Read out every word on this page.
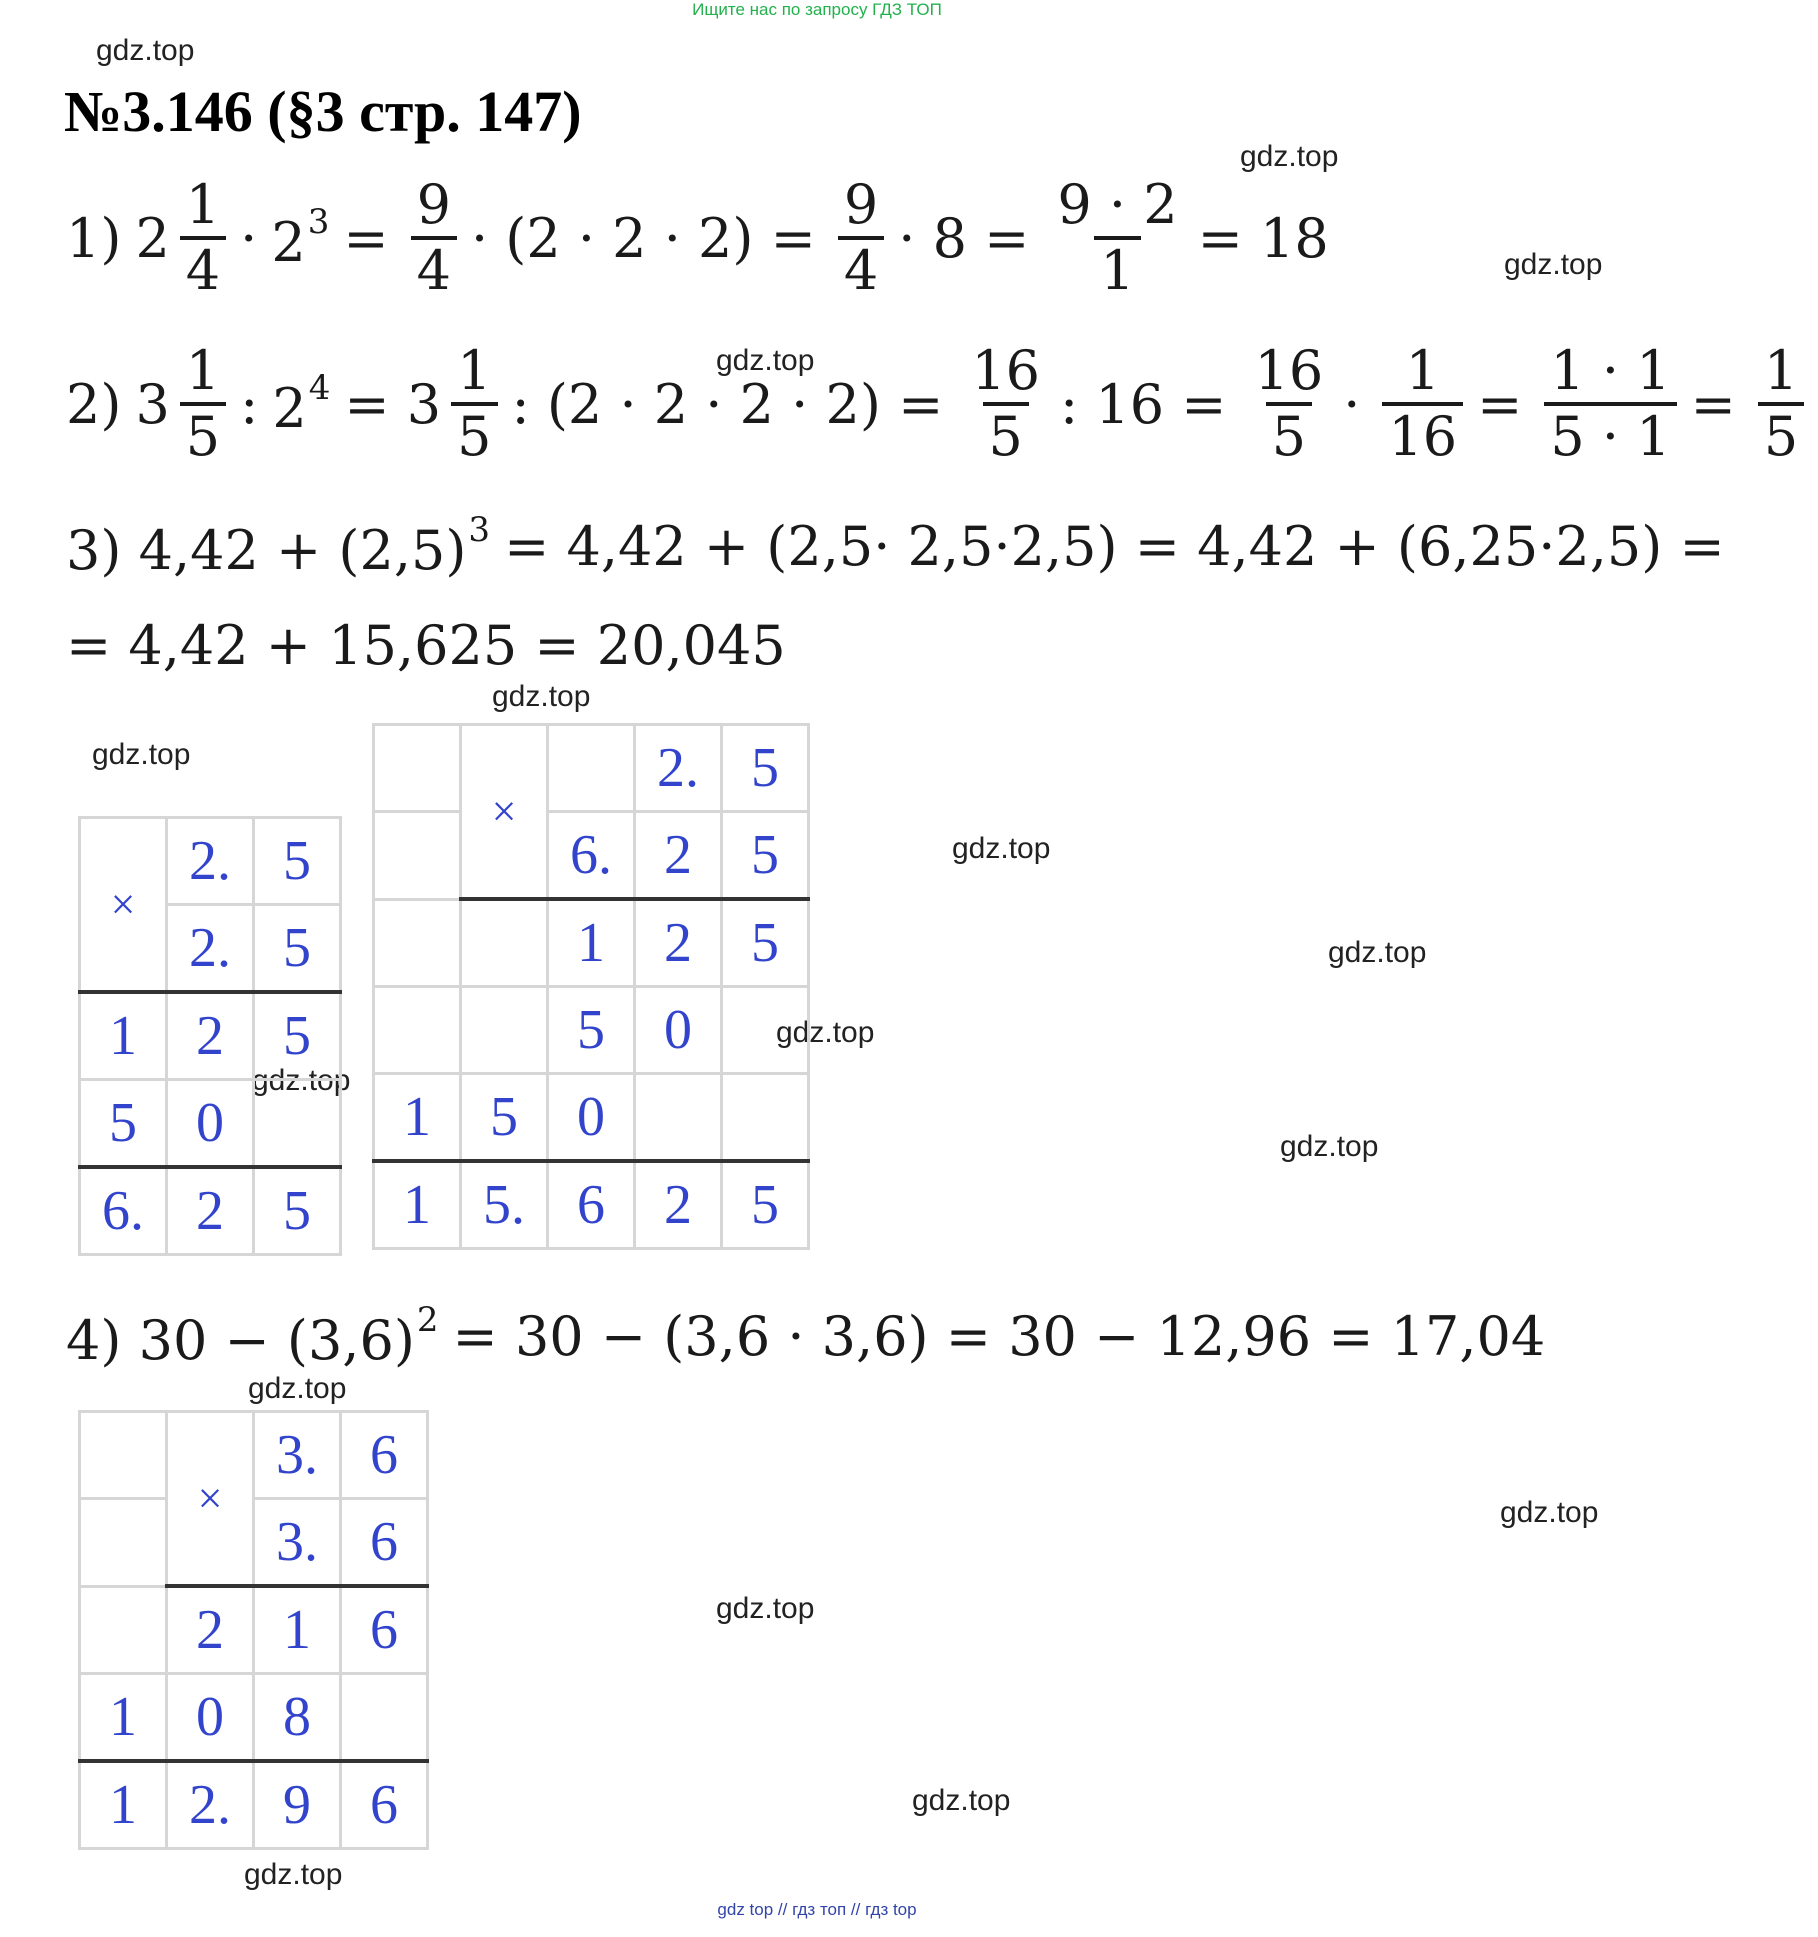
Ищите нас по запросу ГДЗ ТОП
gdz.top
gdz.top
gdz.top
gdz.top
gdz.top
gdz.top
gdz.top
gdz.top
gdz.top
gdz.top
gdz.top
gdz.top
gdz.top
gdz.top
gdz.top
gdz.top
№3.146 (§3 стр. 147)
1) $2 \frac{1}{4} \cdot 2^3 = \frac{9}{4} \cdot (2 \cdot 2 \cdot 2) = \frac{9}{4} \cdot 8 = \frac{9 \cdot 2}{1} = 18$
2) $3 \frac{1}{5}$ : $2^4 = 3 \frac{1}{5}$ : $(2 \cdot 2 \cdot 2 \cdot 2) = \frac{16}{5}$ : $16 = \frac{16}{5} \cdot \frac{1}{16} = \frac{1 \cdot 1}{5 \cdot 1} = \frac{1}{5}$
3) $4,42 + (2,5)^3 = 4,42 + (2,5\cdot 2,5\cdot 2,5) = 4,42 + (6,25\cdot 2,5)$ =
= 4,42 + 15,625 = 20,045
×	2.	5
	2.	5
1	2	5
5	0	
6.	2	5
	×		2.	5
		6.	2	5
		1	2	5
		5	0	
1	5	0		
1	5.	6	2	5
4) $30 - (3,6)^2 = 30 - (3,6 \cdot 3,6) = 30 - 12,96 = 17,04$
	×	3.	6
		3.	6
	2	1	6
1	0	8	
1	2.	9	6
gdz top // гдз топ // гдз top
